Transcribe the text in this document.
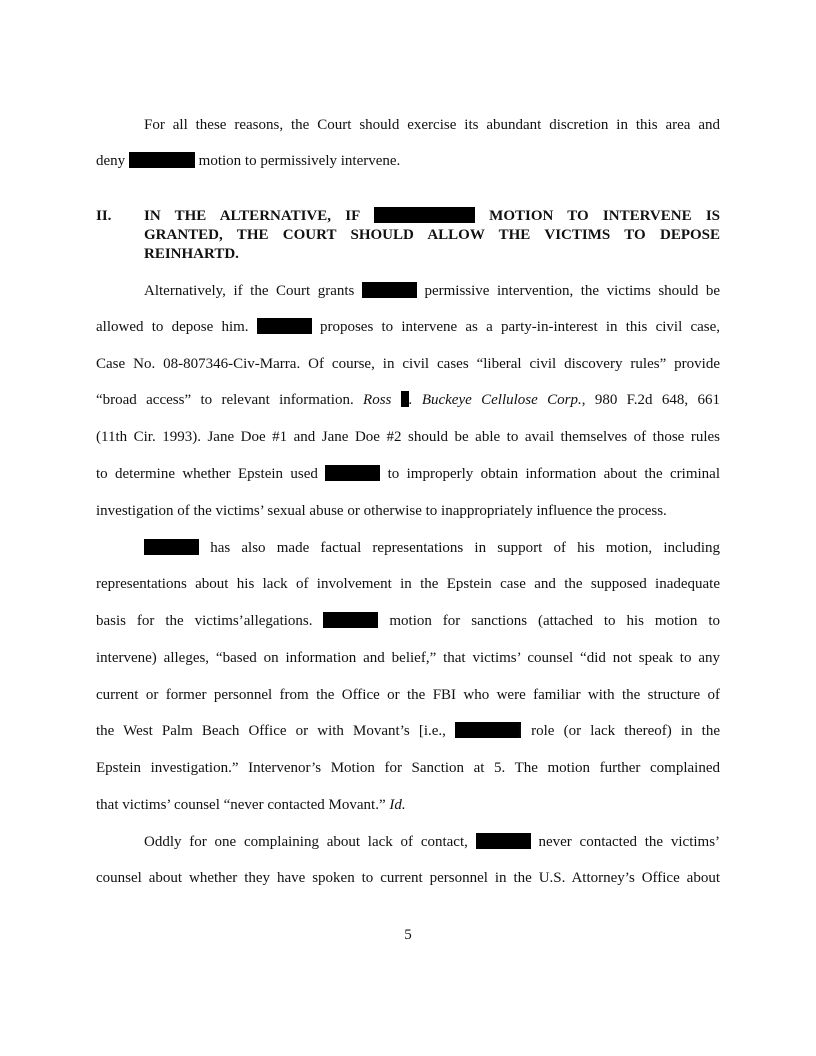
For all these reasons, the Court should exercise its abundant discretion in this area and
deny	motion to permissively intervene.
II. IN THE ALTERNATIVE, IF	MOTION TO INTERVENE IS
GRANTED, THE COURT SHOULD ALLOW THE VICTIMS TO DEPOSE
REINHARTD.
Alternatively, if the Court grants	permissive intervention, the victims should be
allowed to depose him.	proposes to intervene as a party-in-interest in this civil case,
Case No. 08-807346-Civ-Marra. Of course, in civil cases “liberal civil discovery rules” provide
“broad access” to relevant information. Ross . Buckeye Cellulose Corp., 980 F.2d 648, 661
(11th Cir. 1993). Jane Doe #1 and Jane Doe #2 should be able to avail themselves of those rules
to determine whether Epstein used	to improperly obtain information about the criminal
investigation of the victims’ sexual abuse or otherwise to inappropriately influence the process.
has also made factual representations in support of his motion, including
representations about his lack of involvement in the Epstein case and the supposed inadequate
basis for the victims’allegations.	motion for sanctions (attached to his motion to
intervene) alleges, “based on information and belief,” that victims’ counsel “did not speak to any
current or former personnel from the Office or the FBI who were familiar with the structure of
the West Palm Beach Office or with Movant’s [i.e.,	] role (or lack thereof) in the
Epstein investigation.” Intervenor’s Motion for Sanction at 5. The motion further complained
that victims’ counsel “never contacted Movant.” Id.
Oddly for one complaining about lack of contact,	never contacted the victims’
counsel about whether they have spoken to current personnel in the U.S. Attorney’s Office about
5
